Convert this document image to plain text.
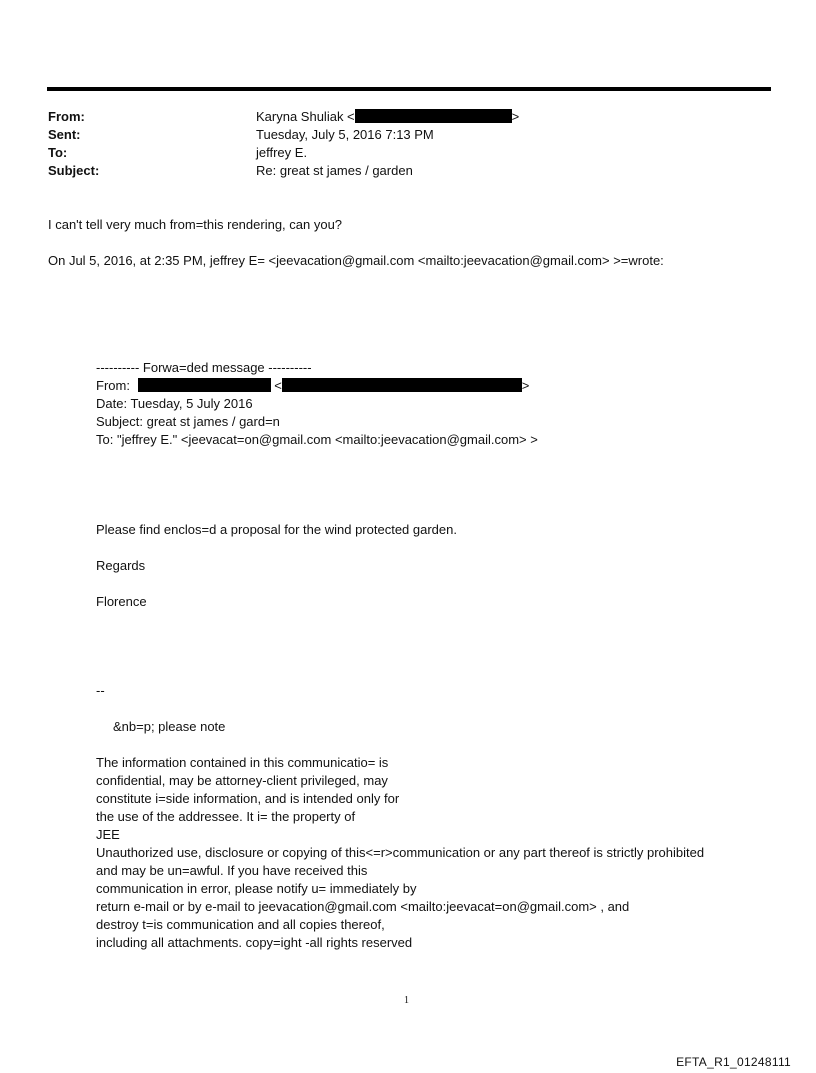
From:	Karyna Shuliak <	>
Sent:	Tuesday, July 5, 2016 7:13 PM
To:	jeffrey E.
Subject:	Re: great st james / garden
I can't tell very much from=this rendering, can you?
On Jul 5, 2016, at 2:35 PM, jeffrey E= <jeevacation@gmail.com <mailto:jeevacation@gmail.com> >=wrote:
---------- Forwa=ded message ----------
From:	<	>
Date: Tuesday, 5 July 2016
Subject: great st james / gard=n
To: "jeffrey E." <jeevacat=on@gmail.com <mailto:jeevacation@gmail.com> >
Please find enclos=d a proposal for the wind protected garden.
Regards
Florence
--
&nb=p; please note
The information contained in this communicatio= is
confidential, may be attorney-client privileged, may
constitute i=side information, and is intended only for
the use of the addressee. It i= the property of
JEE
Unauthorized use, disclosure or copying of this<=r>communication or any part thereof is strictly prohibited
and may be un=awful. If you have received this
communication in error, please notify u= immediately by
return e-mail or by e-mail to jeevacation@gmail.com <mailto:jeevacat=on@gmail.com> , and
destroy t=is communication and all copies thereof,
including all attachments. copy=ight -all rights reserved
1
EFTA_R1_01248111
